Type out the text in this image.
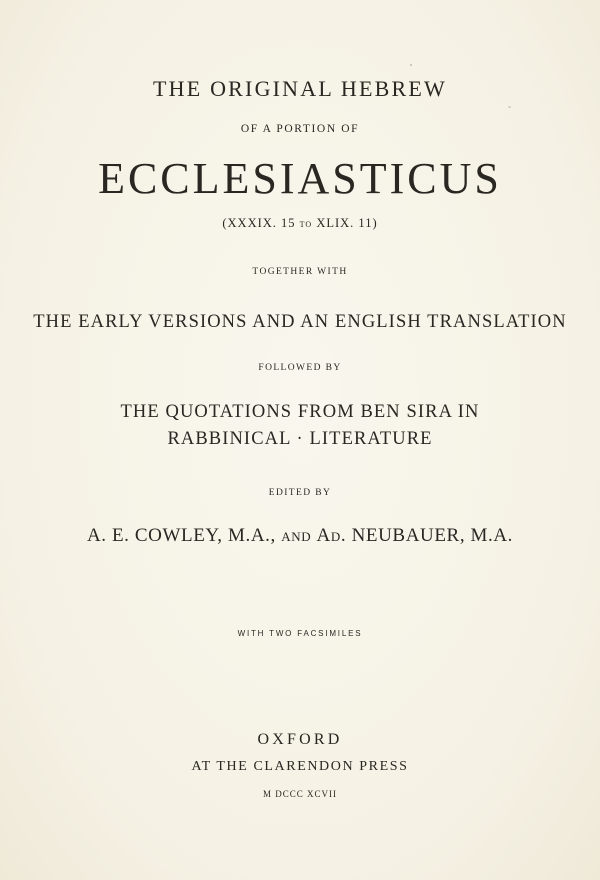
THE ORIGINAL HEBREW
OF A PORTION OF
ECCLESIASTICUS
(XXXIX. 15 to XLIX. 11)
TOGETHER WITH
THE EARLY VERSIONS AND AN ENGLISH TRANSLATION
FOLLOWED BY
THE QUOTATIONS FROM BEN SIRA IN
RABBINICAL · LITERATURE
EDITED BY
A. E. COWLEY, M.A., and Ad. NEUBAUER, M.A.
WITH TWO FACSIMILES
OXFORD
AT THE CLARENDON PRESS
M DCCC XCVII
